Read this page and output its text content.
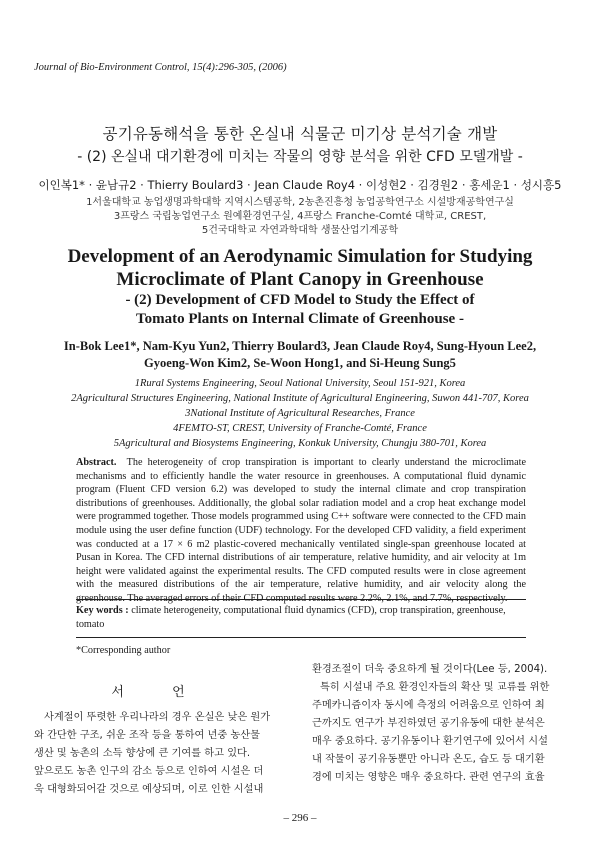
Journal of Bio-Environment Control, 15(4):296-305, (2006)
공기유동해석을 통한 온실내 식물군 미기상 분석기술 개발
- (2) 온실내 대기환경에 미치는 작물의 영향 분석을 위한 CFD 모델개발 -
이인복1* · 윤남규2 · Thierry Boulard3 · Jean Claude Roy4 · 이성현2 · 김경원2 · 홍세운1 · 성시흥5
1서울대학교 농업생명과학대학 지역시스템공학, 2농촌진흥청 농업공학연구소 시설방재공학연구실
3프랑스 국립농업연구소 원예환경연구실, 4프랑스 Franche-Comté 대학교, CREST,
5건국대학교 자연과학대학 생물산업기계공학
Development of an Aerodynamic Simulation for Studying
Microclimate of Plant Canopy in Greenhouse
- (2) Development of CFD Model to Study the Effect of
Tomato Plants on Internal Climate of Greenhouse -
In-Bok Lee1*, Nam-Kyu Yun2, Thierry Boulard3, Jean Claude Roy4, Sung-Hyoun Lee2,
Gyoeng-Won Kim2, Se-Woon Hong1, and Si-Heung Sung5
1Rural Systems Engineering, Seoul National University, Seoul 151-921, Korea
2Agricultural Structures Engineering, National Institute of Agricultural Engineering, Suwon 441-707, Korea
3National Institute of Agricultural Researches, France
4FEMTO-ST, CREST, University of Franche-Comté, France
5Agricultural and Biosystems Engineering, Konkuk University, Chungju 380-701, Korea
Abstract. The heterogeneity of crop transpiration is important to clearly understand the microclimate mechanisms and to efficiently handle the water resource in greenhouses. A computational fluid dynamic program (Fluent CFD version 6.2) was developed to study the internal climate and crop transpiration distributions of greenhouses. Additionally, the global solar radiation model and a crop heat exchange model were programmed together. Those models programmed using C++ software were connected to the CFD main module using the user define function (UDF) technology. For the developed CFD validity, a field experiment was conducted at a 17 × 6 m2 plastic-covered mechanically ventilated single-span greenhouse located at Pusan in Korea. The CFD internal distributions of air temperature, relative humidity, and air velocity at 1m height were validated against the experimental results. The CFD computed results were in close agreement with the measured distributions of the air temperature, relative humidity, and air velocity along the greenhouse. The averaged errors of their CFD computed results were 2.2%, 2.1%, and 7.7%, respectively.
Key words : climate heterogeneity, computational fluid dynamics (CFD), crop transpiration, greenhouse, tomato
*Corresponding author
서 언
사계절이 뚜렷한 우리나라의 경우 온실은 낮은 원가
와 간단한 구조, 쉬운 조작 등을 통하여 년중 농산물
생산 및 농촌의 소득 향상에 큰 기여를 하고 있다.
앞으로도 농촌 인구의 감소 등으로 인하여 시설은 더
욱 대형화되어갈 것으로 예상되며, 이로 인한 시설내
환경조절이 더욱 중요하게 될 것이다(Lee 등, 2004).
특히 시설내 주요 환경인자들의 확산 및 교류를 위한
주메카니즘이자 동시에 측정의 어려움으로 인하여 최
근까지도 연구가 부진하였던 공기유동에 대한 분석은
매우 중요하다. 공기유동이나 환기연구에 있어서 시설
내 작물이 공기유동뿐만 아니라 온도, 습도 등 대기환
경에 미치는 영향은 매우 중요하다. 관련 연구의 효율
– 296 –
